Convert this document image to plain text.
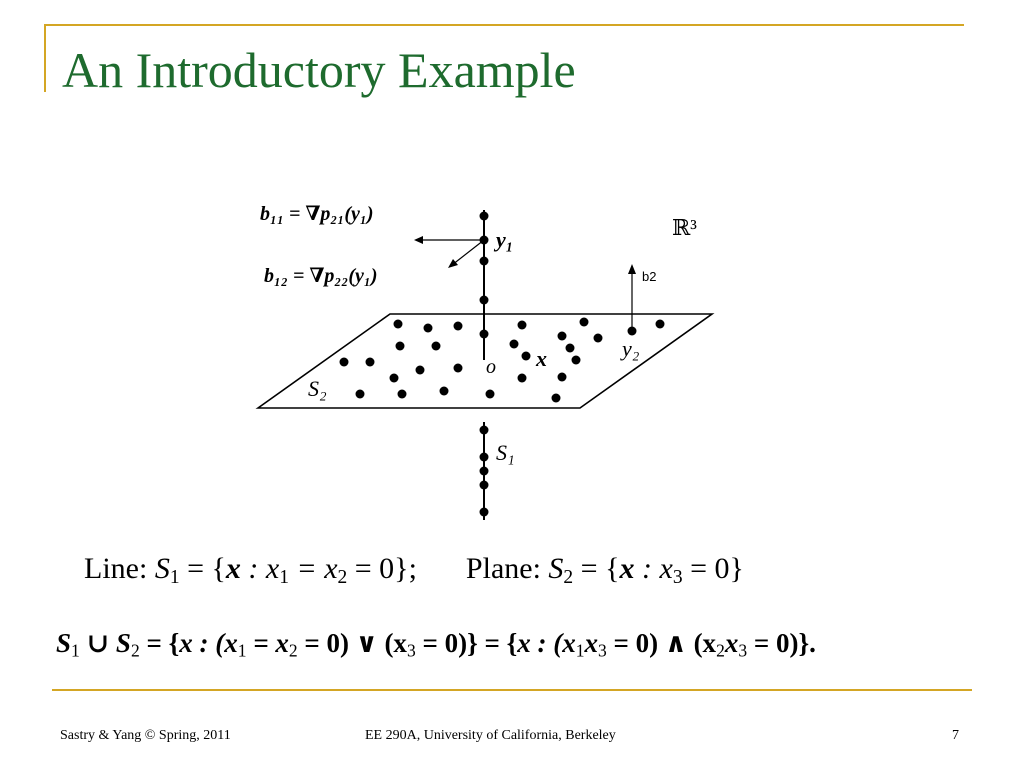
An Introductory Example
b₁₁ = ∇p₂₁(y₁)
b₁₂ = ∇p₂₂(y₁)
y₁	ℝ³
b2
y₂
o x
S₂
S₁
Line: $S_1 = \{x$ : $x_1 = x_2 = 0$}; Plane: $S_2 = \{x$ : $x_3 = 0$}
$S_1$ ∪ $S_2 = \{x$ : $(x_1 = x_2 = 0)$ ∨ $(x_3 = 0)\} = \{x$ : $(x_1x_3 = 0)$ ∧ $(x_2x_3 = 0)$}.
Sastry & Yang © Spring, 2011	EE 290A, University of California, Berkeley	7
